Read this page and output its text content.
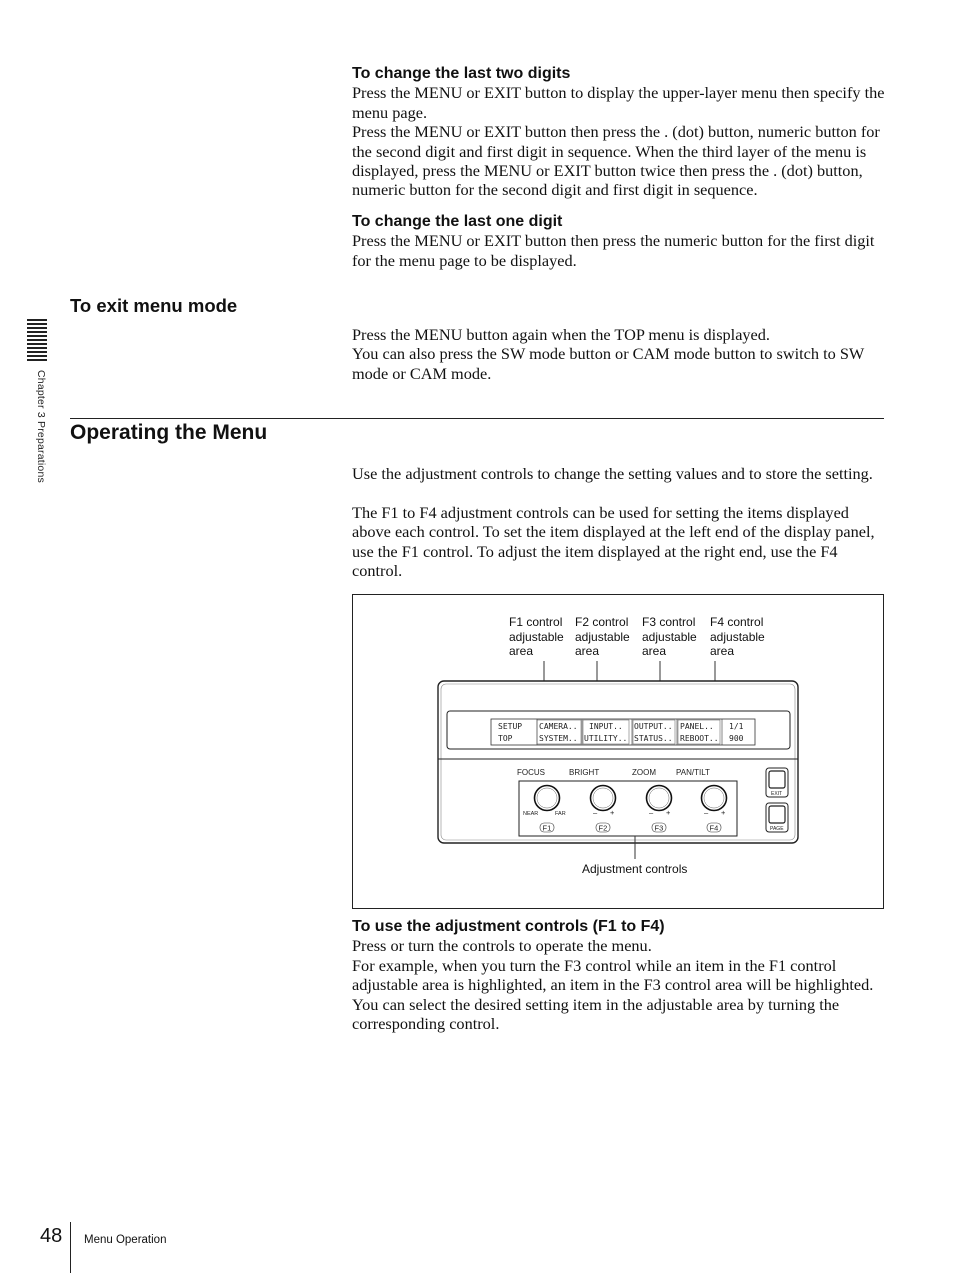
Chapter 3 Preparations
To change the last two digits

Press the MENU or EXIT button to display the upper-layer menu then specify the menu page.

Press the MENU or EXIT button then press the . (dot) button, numeric button for the second digit and first digit in sequence. When the third layer of the menu is displayed, press the MENU or EXIT button twice then press the . (dot) button, numeric button for the second digit and first digit in sequence.

To change the last one digit

Press the MENU or EXIT button then press the numeric button for the first digit for the menu page to be displayed.

To exit menu mode

Press the MENU button again when the TOP menu is displayed.

You can also press the SW mode button or CAM mode button to switch to SW mode or CAM mode.

Operating the Menu

Use the adjustment controls to change the setting values and to store the setting.

The F1 to F4 adjustment controls can be used for setting the items displayed above each control. To set the item displayed at the left end of the display panel, use the F1 control. To adjust the item displayed at the right end, use the F4 control.

F1 control
adjustable
area
F2 control
adjustable
area
F3 control
adjustable
area
F4 control
adjustable
area
SETUP
TOP
CAMERA..
SYSTEM..
INPUT..
UTILITY..
OUTPUT..
STATUS..
PANEL..
REBOOT..
1/1
900
FOCUS	BRIGHT	ZOOM	PAN/TILT
NEAR	FAR	– +	– +	– +
F1	F2	F3	F4
EXIT
PAGE
Adjustment controls
To use the adjustment controls (F1 to F4)

Press or turn the controls to operate the menu.

For example, when you turn the F3 control while an item in the F1 control adjustable area is highlighted, an item in the F3 control area will be highlighted. You can select the desired setting item in the adjustable area by turning the corresponding control.

48 Menu Operation
